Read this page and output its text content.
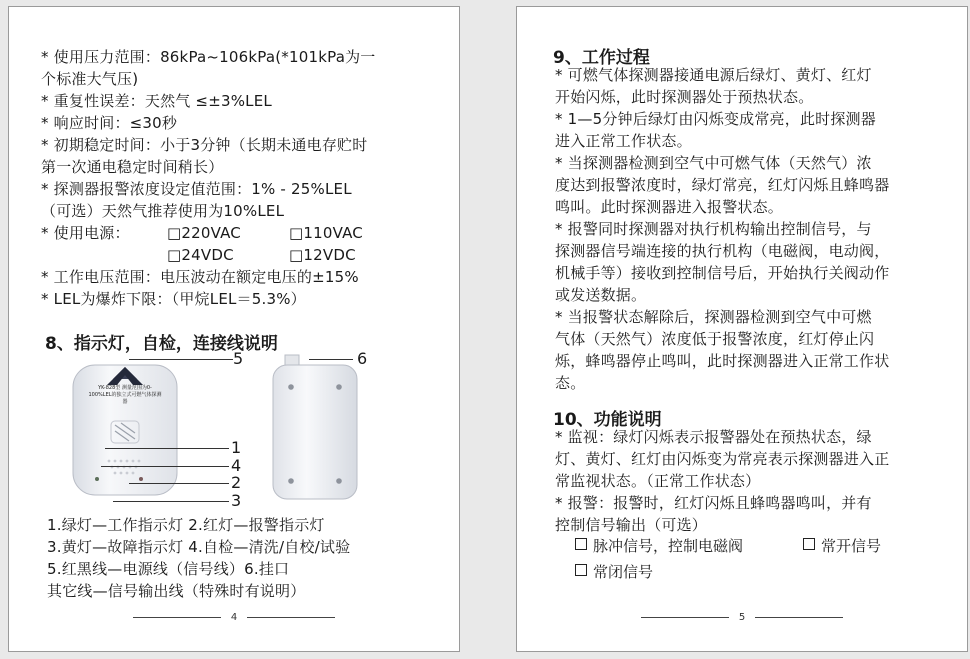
* 使用压力范围：86kPa~106kPa(*101kPa为一
个标准大气压)
* 重复性误差：天然气 ≤±3%LEL
* 响应时间：≤30秒
* 初期稳定时间：小于3分钟（长期未通电存贮时
第一次通电稳定时间稍长）
* 探测器报警浓度设定值范围：1% - 25%LEL
（可选）天然气推荐使用为10%LEL
* 使用电源： □220VAC	□110VAC
□24VDC	□12VDC
* 工作电压范围：电压波动在额定电压的±15%
* LEL为爆炸下限：（甲烷LEL＝5.3%）
8、指示灯，自检，连接线说明
YK-828型 测量范围为0-100%LEL的独立式可燃气体探测器
5	6
1
4
2
3
1.绿灯—工作指示灯 2.红灯—报警指示灯
3.黄灯—故障指示灯 4.自检—清洗/自校/试验
5.红黑线—电源线（信号线）6.挂口
其它线—信号输出线（特殊时有说明）
4
9、工作过程
* 可燃气体探测器接通电源后绿灯、黄灯、红灯
开始闪烁，此时探测器处于预热状态。
* 1—5分钟后绿灯由闪烁变成常亮，此时探测器
进入正常工作状态。
* 当探测器检测到空气中可燃气体（天然气）浓
度达到报警浓度时，绿灯常亮，红灯闪烁且蜂鸣器
鸣叫。此时探测器进入报警状态。
* 报警同时探测器对执行机构输出控制信号，与
探测器信号端连接的执行机构（电磁阀，电动阀，
机械手等）接收到控制信号后，开始执行关阀动作
或发送数据。
* 当报警状态解除后，探测器检测到空气中可燃
气体（天然气）浓度低于报警浓度，红灯停止闪
烁，蜂鸣器停止鸣叫，此时探测器进入正常工作状
态。
10、功能说明
* 监视：绿灯闪烁表示报警器处在预热状态，绿
灯、黄灯、红灯由闪烁变为常亮表示探测器进入正
常监视状态。（正常工作状态）
* 报警：报警时，红灯闪烁且蜂鸣器鸣叫，并有
控制信号输出（可选）
脉冲信号，控制电磁阀	常开信号
常闭信号
5
